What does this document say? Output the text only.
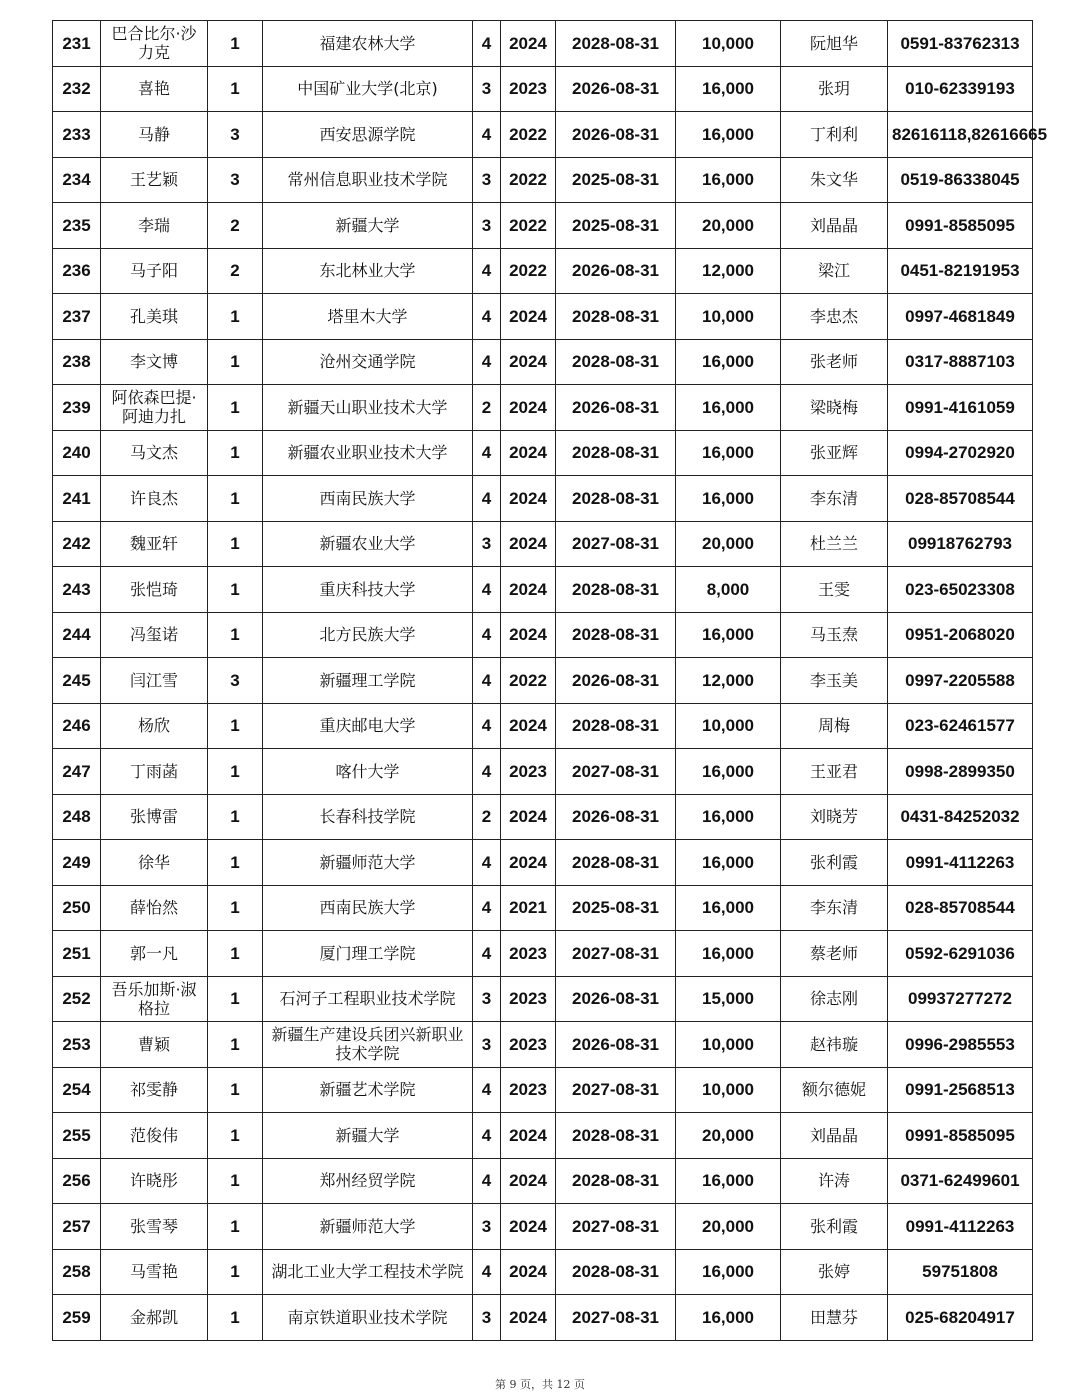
231	巴合比尔·沙力克	1	福建农林大学	4	2024	2028-08-31	10,000	阮旭华	0591-83762313
232	喜艳	1	中国矿业大学(北京)	3	2023	2026-08-31	16,000	张玥	010-62339193
233	马静	3	西安思源学院	4	2022	2026-08-31	16,000	丁利利	82616118,82616665
234	王艺颖	3	常州信息职业技术学院	3	2022	2025-08-31	16,000	朱文华	0519-86338045
235	李瑞	2	新疆大学	3	2022	2025-08-31	20,000	刘晶晶	0991-8585095
236	马子阳	2	东北林业大学	4	2022	2026-08-31	12,000	梁江	0451-82191953
237	孔美琪	1	塔里木大学	4	2024	2028-08-31	10,000	李忠杰	0997-4681849
238	李文博	1	沧州交通学院	4	2024	2028-08-31	16,000	张老师	0317-8887103
239	阿依森巴提·阿迪力扎	1	新疆天山职业技术大学	2	2024	2026-08-31	16,000	梁晓梅	0991-4161059
240	马文杰	1	新疆农业职业技术大学	4	2024	2028-08-31	16,000	张亚辉	0994-2702920
241	许良杰	1	西南民族大学	4	2024	2028-08-31	16,000	李东清	028-85708544
242	魏亚轩	1	新疆农业大学	3	2024	2027-08-31	20,000	杜兰兰	09918762793
243	张恺琦	1	重庆科技大学	4	2024	2028-08-31	8,000	王雯	023-65023308
244	冯玺诺	1	北方民族大学	4	2024	2028-08-31	16,000	马玉焘	0951-2068020
245	闫江雪	3	新疆理工学院	4	2022	2026-08-31	12,000	李玉美	0997-2205588
246	杨欣	1	重庆邮电大学	4	2024	2028-08-31	10,000	周梅	023-62461577
247	丁雨菡	1	喀什大学	4	2023	2027-08-31	16,000	王亚君	0998-2899350
248	张博雷	1	长春科技学院	2	2024	2026-08-31	16,000	刘晓芳	0431-84252032
249	徐华	1	新疆师范大学	4	2024	2028-08-31	16,000	张利霞	0991-4112263
250	薛怡然	1	西南民族大学	4	2021	2025-08-31	16,000	李东清	028-85708544
251	郭一凡	1	厦门理工学院	4	2023	2027-08-31	16,000	蔡老师	0592-6291036
252	吾乐加斯·淑格拉	1	石河子工程职业技术学院	3	2023	2026-08-31	15,000	徐志刚	09937277272
253	曹颖	1	新疆生产建设兵团兴新职业技术学院	3	2023	2026-08-31	10,000	赵祎璇	0996-2985553
254	祁雯静	1	新疆艺术学院	4	2023	2027-08-31	10,000	额尔德妮	0991-2568513
255	范俊伟	1	新疆大学	4	2024	2028-08-31	20,000	刘晶晶	0991-8585095
256	许晓彤	1	郑州经贸学院	4	2024	2028-08-31	16,000	许涛	0371-62499601
257	张雪琴	1	新疆师范大学	3	2024	2027-08-31	20,000	张利霞	0991-4112263
258	马雪艳	1	湖北工业大学工程技术学院	4	2024	2028-08-31	16,000	张婷	59751808
259	金郝凯	1	南京铁道职业技术学院	3	2024	2027-08-31	16,000	田慧芬	025-68204917
第 9 页，共 12 页
